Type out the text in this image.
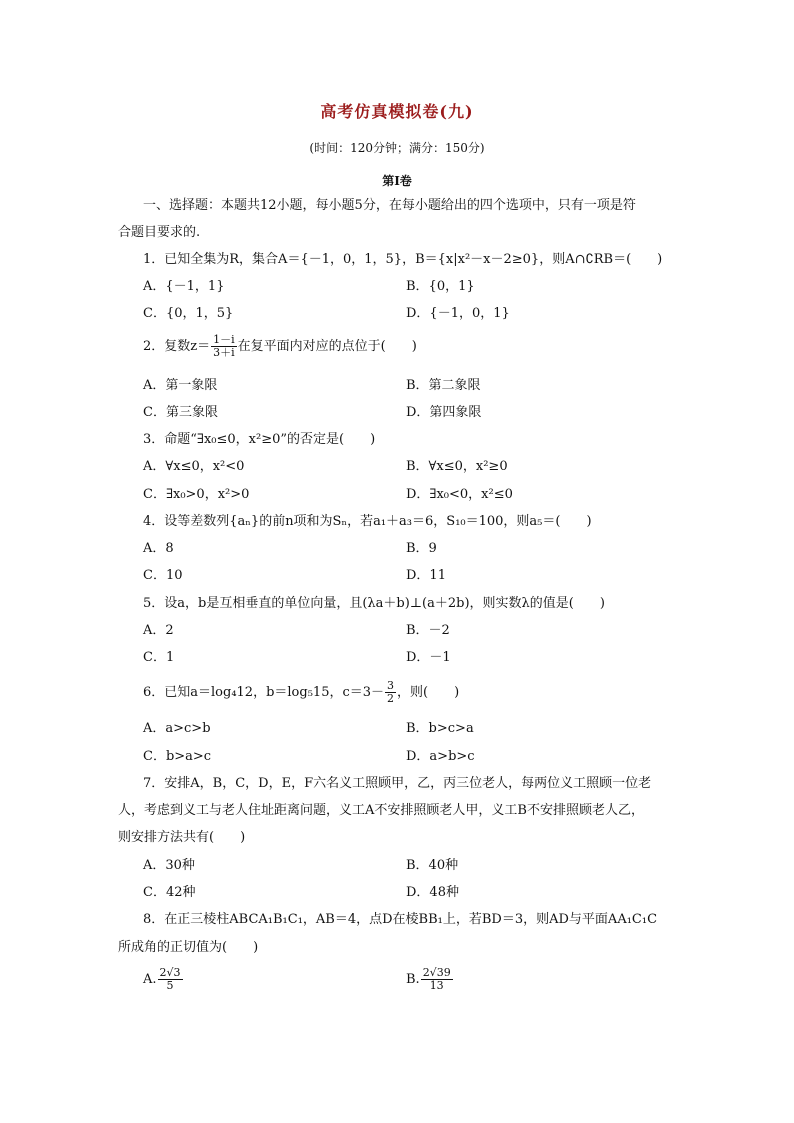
高考仿真模拟卷(九)
(时间：120分钟；满分：150分)
第Ⅰ卷
一、选择题：本题共12小题，每小题5分，在每小题给出的四个选项中，只有一项是符
合题目要求的.
1．已知全集为R，集合A＝{－1，0，1，5}，B＝{x|x²－x－2≥0}，则A∩∁RB＝(　　)
A．{－1，1}	B．{0，1}
C．{0，1，5}	D．{－1，0，1}
2．复数$z= \frac{1-i}{3+i}$ 在复平面内对应的点位于(　　)
A．第一象限	B．第二象限
C．第三象限	D．第四象限
3．命题“∃x₀≤0，x²≥0”的否定是(　　)
A．∀x≤0，x²<0	B．∀x≤0，x²≥0
C．∃x₀>0，x²>0	D．∃x₀<0，x²≤0
4．设等差数列{aₙ}的前n项和为Sₙ，若a₁＋a₃＝6，S₁₀＝100，则a₅＝(　　)
A．8	B．9
C．10	D．11
5．设a，b是互相垂直的单位向量，且(λa＋b)⊥(a＋2b)，则实数λ的值是(　　)
A．2	B．－2
C．1	D．－1
6．已知a＝log₄12，b＝log₅15，$c=3- \frac{3}{2}$ ，则(　　)
A．a>c>b	B．b>c>a
C．b>a>c	D．a>b>c
7．安排A，B，C，D，E，F六名义工照顾甲，乙，丙三位老人，每两位义工照顾一位老
人，考虑到义工与老人住址距离问题，义工A不安排照顾老人甲，义工B不安排照顾老人乙，
则安排方法共有(　　)
A．30种	B．40种
C．42种	D．48种
8．在正三棱柱ABCA₁B₁C₁，AB＝4，点D在棱BB₁上，若BD＝3，则AD与平面AA₁C₁C
所成角的正切值为(　　)
A. $\frac{2√3}{5}$	B. $\frac{2√39}{13}$
